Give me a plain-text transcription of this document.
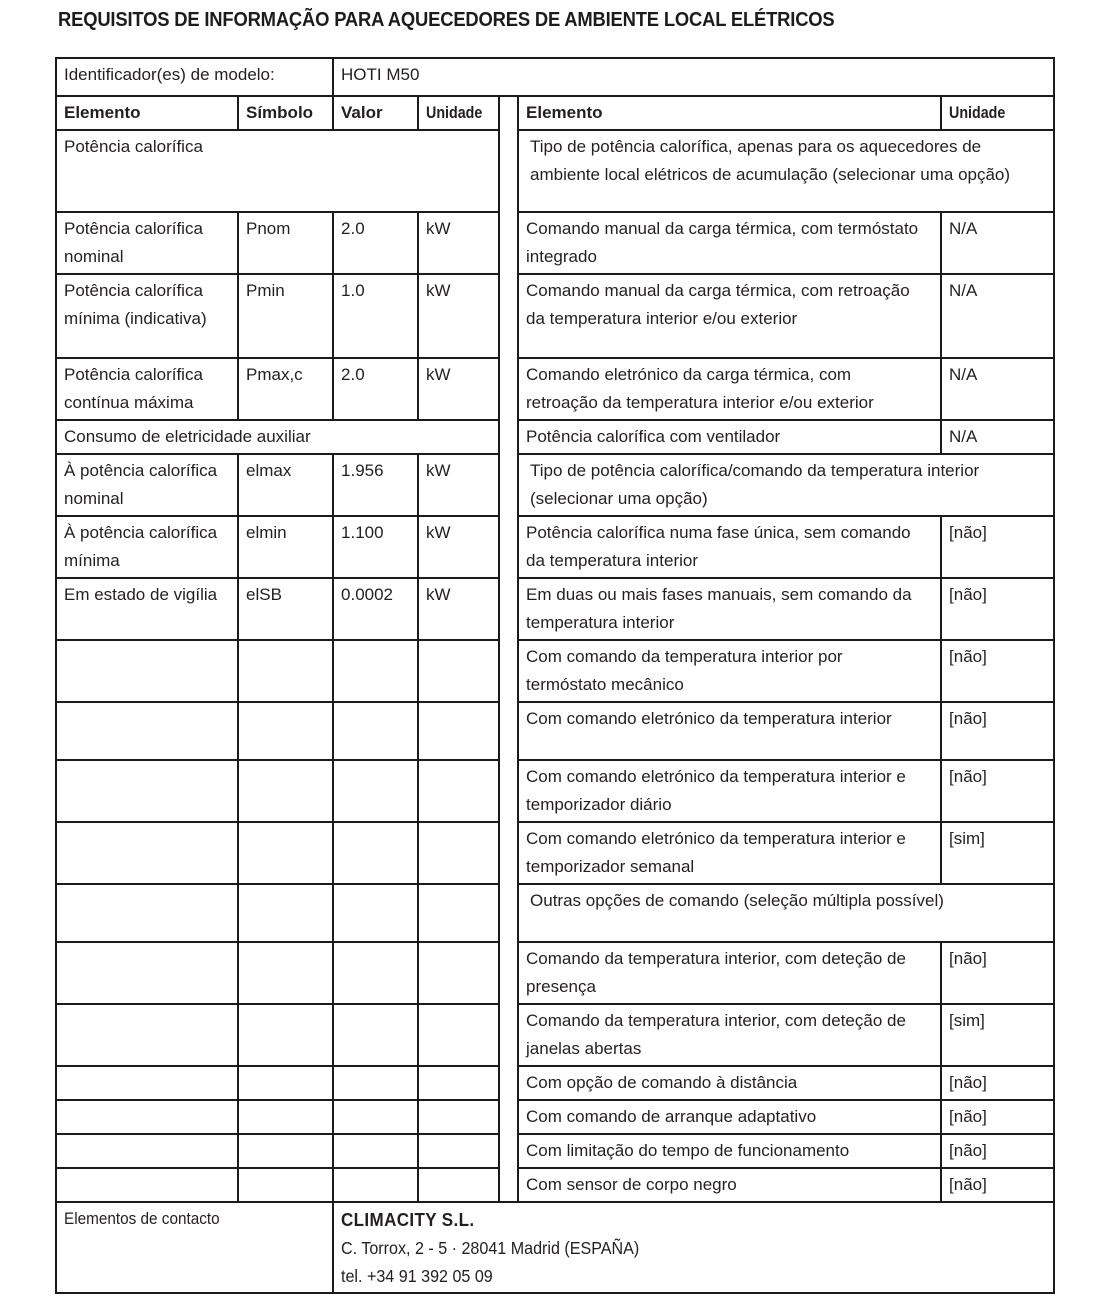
REQUISITOS DE INFORMAÇÃO PARA AQUECEDORES DE AMBIENTE LOCAL ELÉTRICOS
Identificador(es) de modelo:		HOTI M50				
Elemento	Símbolo	Valor	Unidade		Elemento	Unidade
Potência calorífica					Tipo de potência calorífica, apenas para os aquecedores de ambiente local elétricos de acumulação (selecionar uma opção)	

Potência calorífica nominal	Pnom	2.0	kW		Comando manual da carga térmica, com termóstato integrado	N/A
Potência calorífica mínima (indicativa)	Pmin	1.0	kW		Comando manual da carga térmica, com retroação da temperatura interior e/ou exterior	N/A
Potência calorífica contínua máxima	Pmax,c	2.0	kW		Comando eletrónico da carga térmica, com retroação da temperatura interior e/ou exterior	N/A
Consumo de eletricidade auxiliar					Potência calorífica com ventilador	N/A
À potência calorífica nominal	elmax	1.956	kW		Tipo de potência calorífica/comando da temperatura interior (selecionar uma opção)	

À potência calorífica mínima	elmin	1.100	kW		Potência calorífica numa fase única, sem comando da temperatura interior	[não]
Em estado de vigília	elSB	0.0002	kW		Em duas ou mais fases manuais, sem comando da temperatura interior	[não]

					Com comando da temperatura interior por termóstato mecânico	[não]

					Com comando eletrónico da temperatura interior	[não]

					Com comando eletrónico da temperatura interior e temporizador diário	[não]

					Com comando eletrónico da temperatura interior e temporizador semanal	[sim]

					Outras opções de comando (seleção múltipla possível)	

					Comando da temperatura interior, com deteção de presença	[não]

					Comando da temperatura interior, com deteção de janelas abertas	[sim]

					Com opção de comando à distância	[não]

					Com comando de arranque adaptativo	[não]

					Com limitação do tempo de funcionamento	[não]

					Com sensor de corpo negro	[não]
Elementos de contacto		CLIMACITY S.L.
C. Torrox, 2 - 5 · 28041 Madrid (ESPAÑA)
tel. +34 91 392 05 09				
